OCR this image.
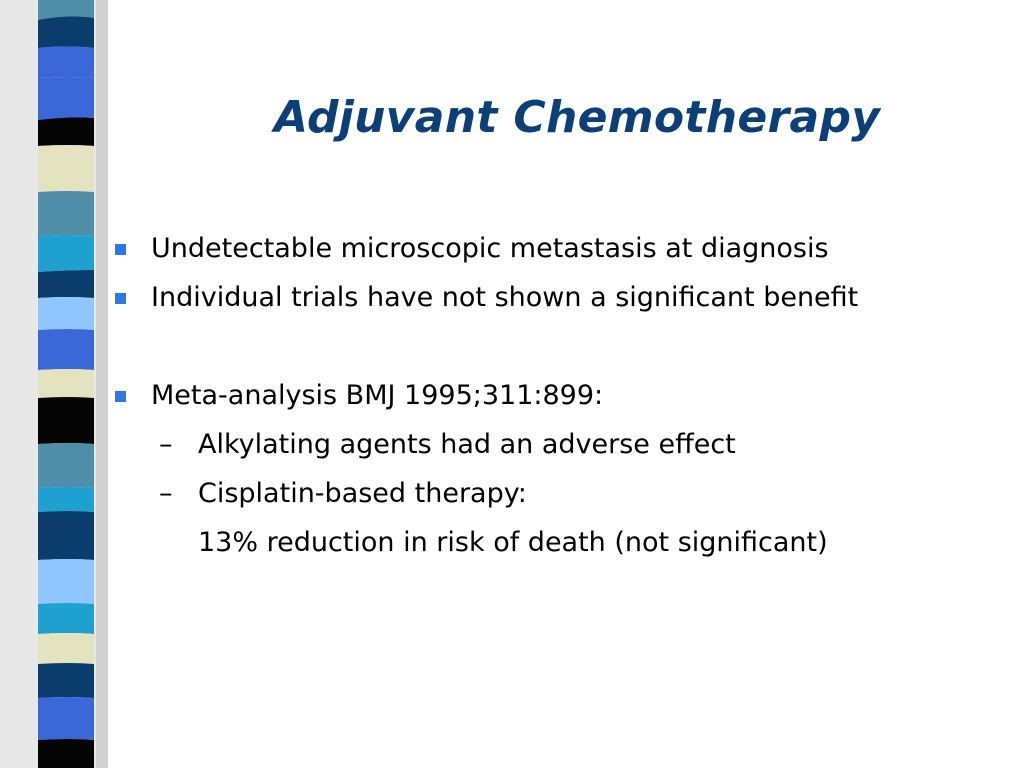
Adjuvant Chemotherapy
Undetectable microscopic metastasis at diagnosis
Individual trials have not shown a significant benefit
Meta-analysis BMJ 1995;311:899:
– Alkylating agents had an adverse effect
– Cisplatin-based therapy:
13% reduction in risk of death (not significant)
